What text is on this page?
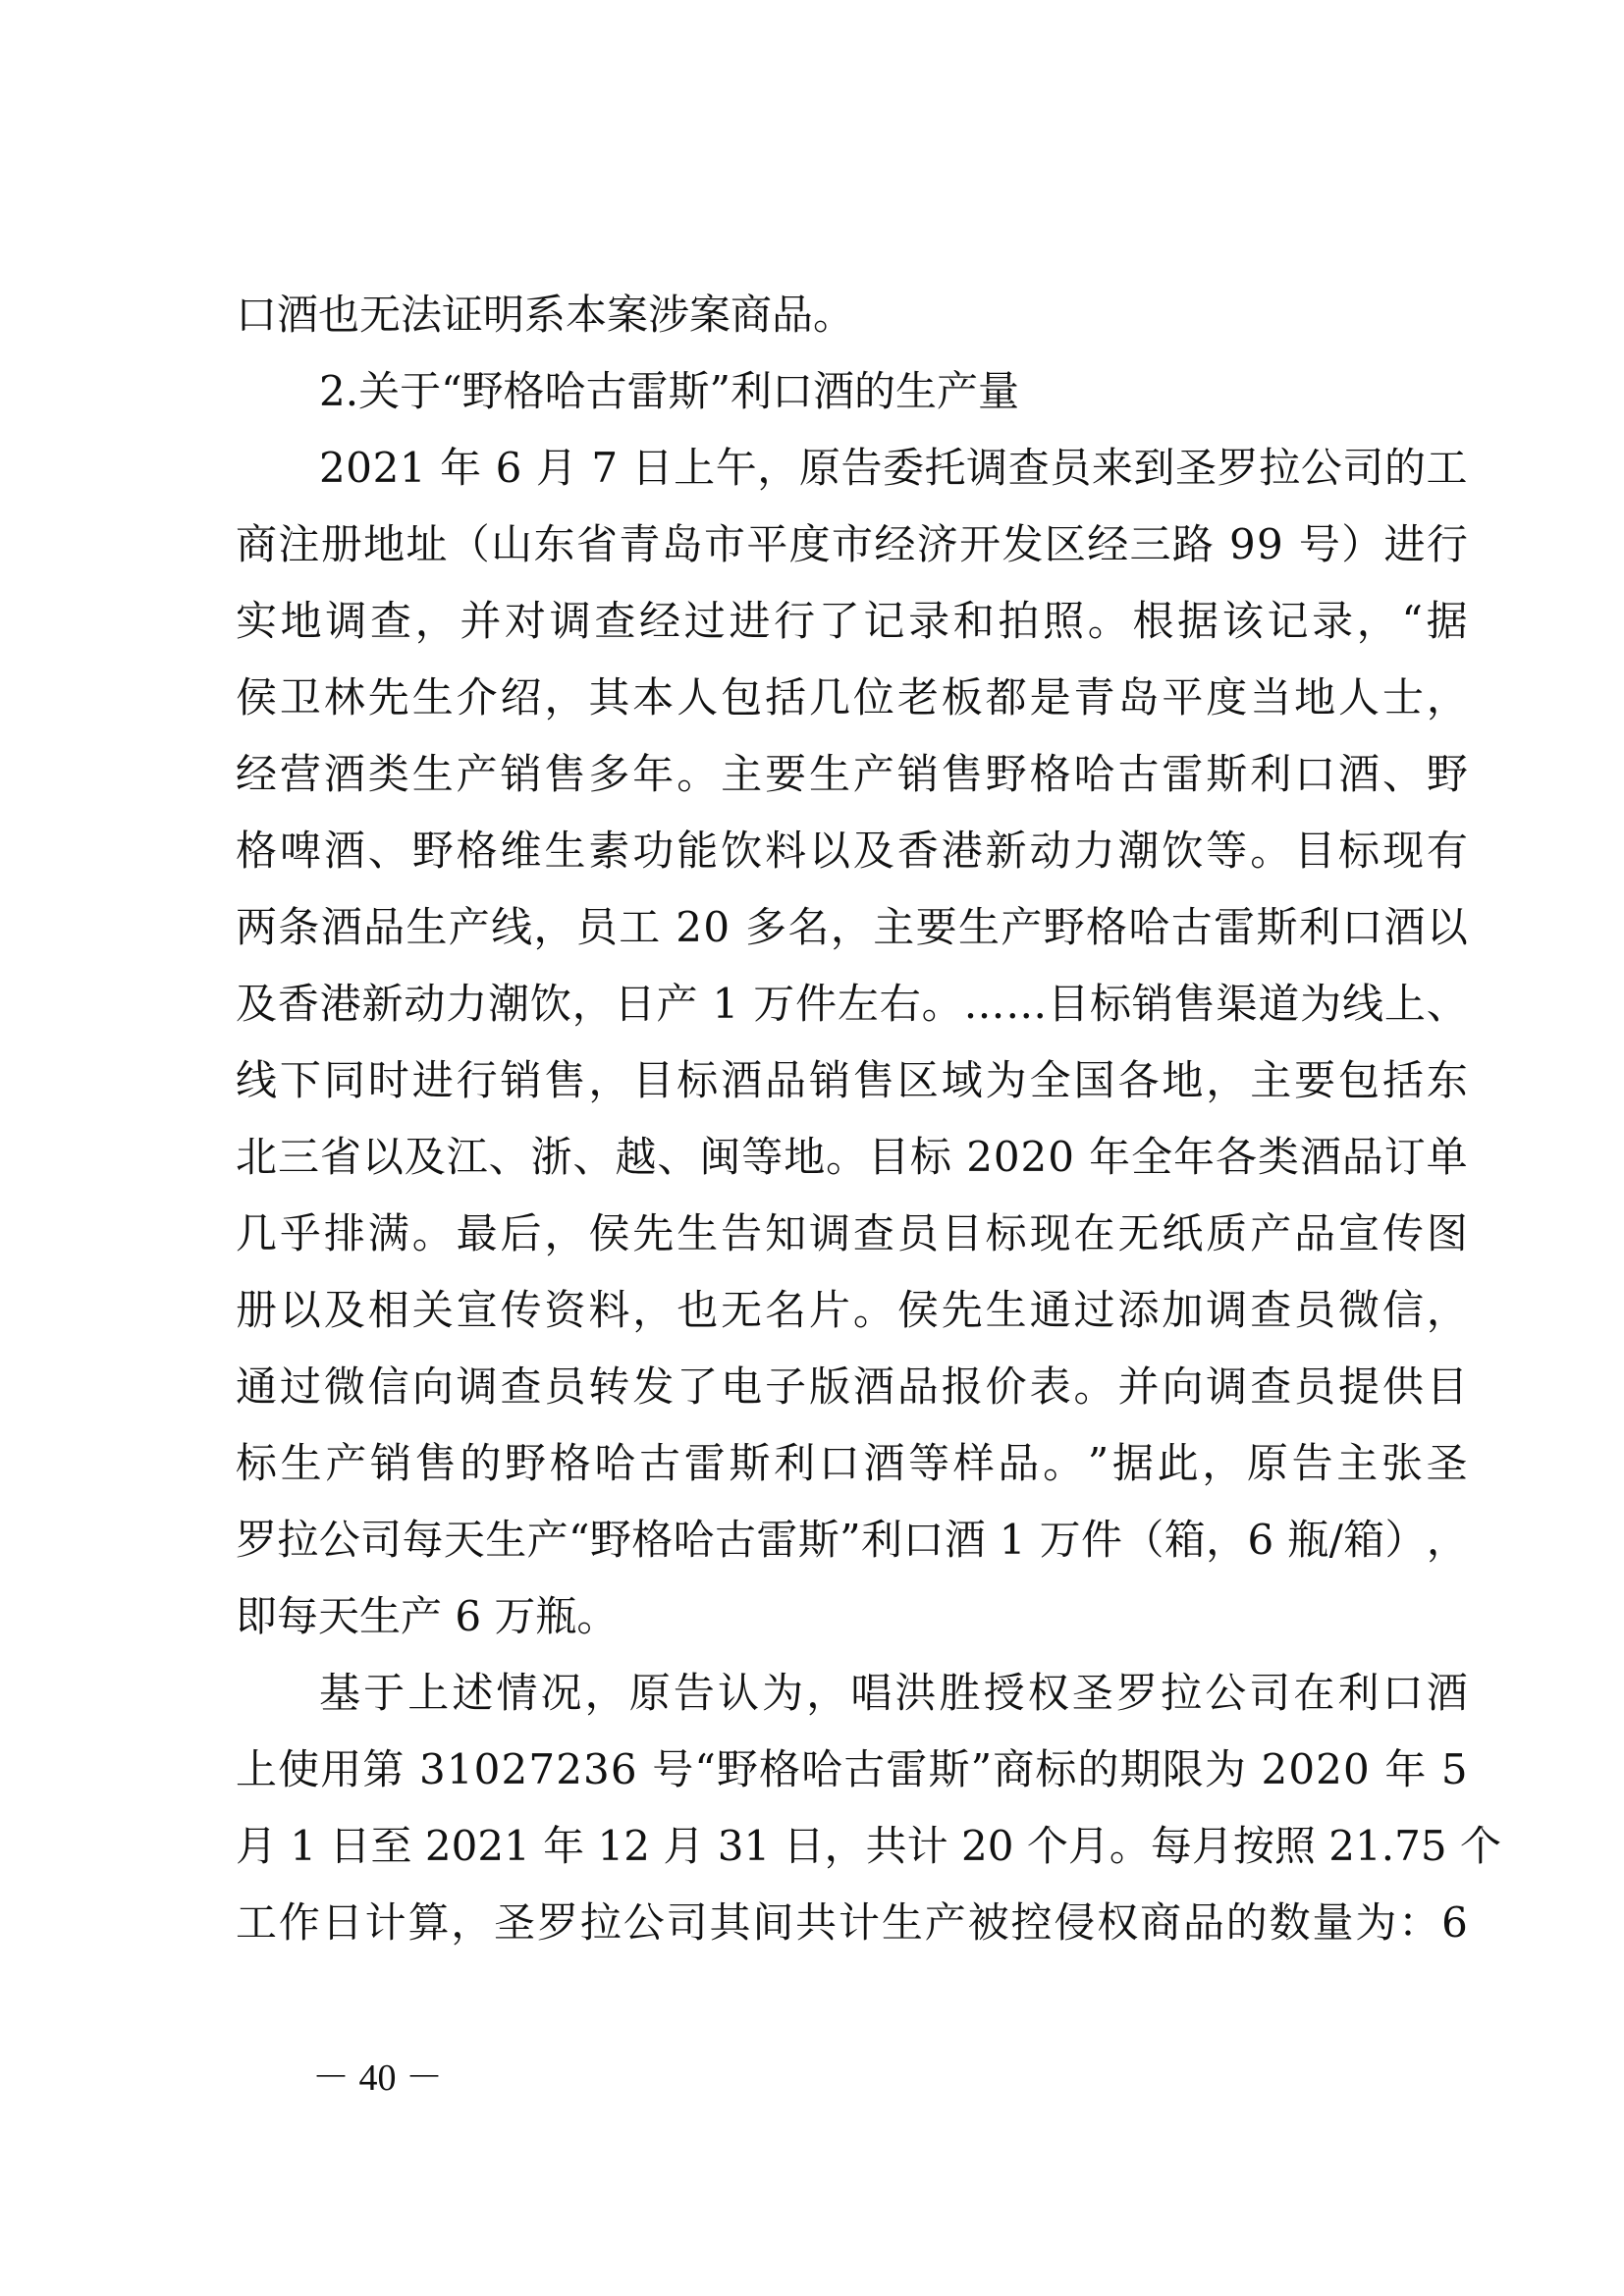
口酒也无法证明系本案涉案商品。
2.关于“野格哈古雷斯”利口酒的生产量
2 0 2 1
年
6
月
7
日 上 午 ， 原 告 委 托 调 查 员 来 到 圣 罗 拉 公 司 的 工
商 注 册 地 址 （ 山 东 省 青 岛 市 平 度 市 经 济 开 发 区 经 三 路
9 9
号 ） 进 行
实 地 调 查 ， 并 对 调 查 经 过 进 行 了 记 录 和 拍 照 。 根 据 该 记 录 ， “ 据
侯 卫 林 先 生 介 绍 ， 其 本 人 包 括 几 位 老 板 都 是 青 岛 平 度 当 地 人 士 ，
经 营 酒 类 生 产 销 售 多 年 。 主 要 生 产 销 售 野 格 哈 古 雷 斯 利 口 酒 、 野
格 啤 酒 、 野 格 维 生 素 功 能 饮 料 以 及 香 港 新 动 力 潮 饮 等 。 目 标 现 有
两 条 酒 品 生 产 线 ， 员 工
2 0
多 名 ， 主 要 生 产 野 格 哈 古 雷 斯 利 口 酒 以
及 香 港 新 动 力 潮 饮 ， 日 产
1
万 件 左 右 。 … … 目 标 销 售 渠 道 为 线 上 、
线 下 同 时 进 行 销 售 ， 目 标 酒 品 销 售 区 域 为 全 国 各 地 ， 主 要 包 括 东
北 三 省 以 及 江 、 浙 、 越 、 闽 等 地 。 目 标
2 0 2 0
年 全 年 各 类 酒 品 订 单
几 乎 排 满 。 最 后 ， 侯 先 生 告 知 调 查 员 目 标 现 在 无 纸 质 产 品 宣 传 图
册 以 及 相 关 宣 传 资 料 ， 也 无 名 片 。 侯 先 生 通 过 添 加 调 查 员 微 信 ，
通 过 微 信 向 调 查 员 转 发 了 电 子 版 酒 品 报 价 表 。 并 向 调 查 员 提 供 目
标 生 产 销 售 的 野 格 哈 古 雷 斯 利 口 酒 等 样 品 。 ” 据 此 ， 原 告 主 张 圣
罗 拉 公 司 每 天 生 产 “ 野 格 哈 古 雷 斯 ” 利 口 酒
1
万 件 （ 箱 ， 6
瓶 / 箱 ） ，
即每天生产 6 万瓶。
基 于 上 述 情 况 ， 原 告 认 为 ， 唱 洪 胜 授 权 圣 罗 拉 公 司 在 利 口 酒
上 使 用 第
3 1 0 2 7 2 3 6
号 “ 野 格 哈 古 雷 斯 ” 商 标 的 期 限 为
2 0 2 0
年
5
月
1
日 至
2 0 2 1
年
1 2
月
3 1
日 ， 共 计
2 0
个 月 。 每 月 按 照
2 1 . 7 5
个
工 作 日 计 算 ， 圣 罗 拉 公 司 其 间 共 计 生 产 被 控 侵 权 商 品 的 数 量 为 ： 6
－ 40 －
